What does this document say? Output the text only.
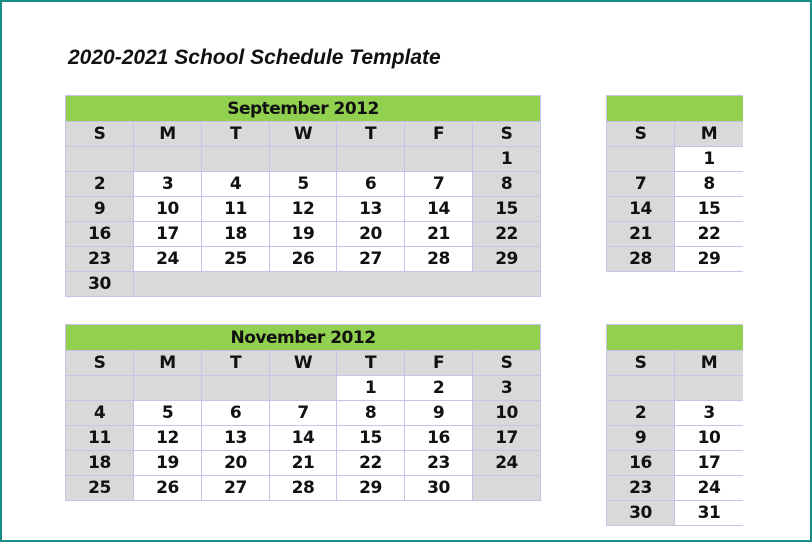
2020-2021 School Schedule Template
September 2012						
S	M	T	W	T	F	S
						1
2	3	4	5	6	7	8
9	10	11	12	13	14	15
16	17	18	19	20	21	22
23	24	25	26	27	28	29
30						

S	M
	1
7	8
14	15
21	22
28	29
November 2012						
S	M	T	W	T	F	S
				1	2	3
4	5	6	7	8	9	10
11	12	13	14	15	16	17
18	19	20	21	22	23	24
25	26	27	28	29	30	

S	M

2	3
9	10
16	17
23	24
30	31
